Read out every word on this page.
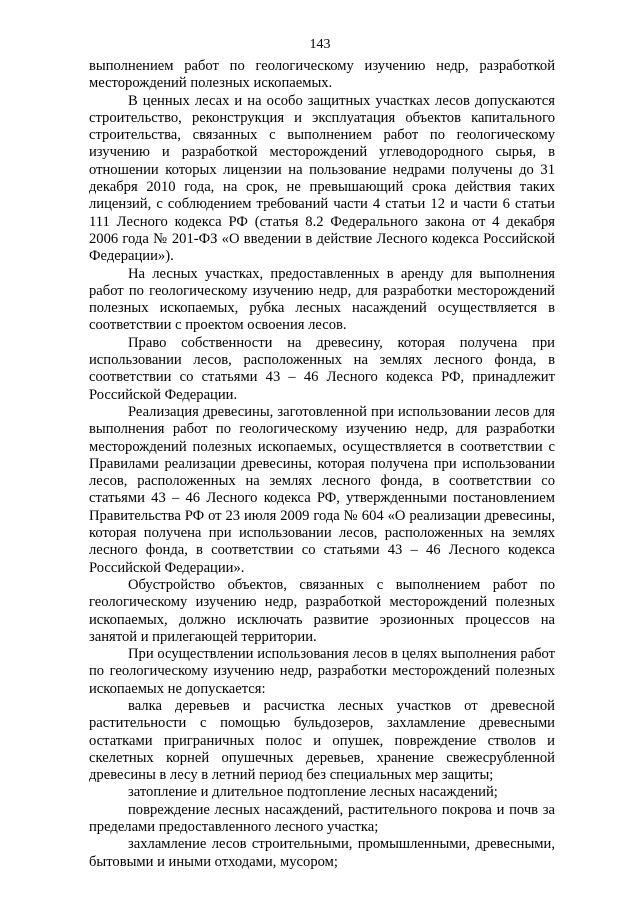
143

выполнением работ по геологическому изучению недр, разработкой месторождений полезных ископаемых.

В ценных лесах и на особо защитных участках лесов допускаются строительство, реконструкция и эксплуатация объектов капитального строительства, связанных с выполнением работ по геологическому изучению и разработкой месторождений углеводородного сырья, в отношении которых лицензии на пользование недрами получены до 31 декабря 2010 года, на срок, не превышающий срока действия таких лицензий, с соблюдением требований части 4 статьи 12 и части 6 статьи 111 Лесного кодекса РФ (статья 8.2 Федерального закона от 4 декабря 2006 года № 201-ФЗ «О введении в действие Лесного кодекса Российской Федерации»).

На лесных участках, предоставленных в аренду для выполнения работ по геологическому изучению недр, для разработки месторождений полезных ископаемых, рубка лесных насаждений осуществляется в соответствии с проектом освоения лесов.

Право собственности на древесину, которая получена при использовании лесов, расположенных на землях лесного фонда, в соответствии со статьями 43 – 46 Лесного кодекса РФ, принадлежит Российской Федерации.

Реализация древесины, заготовленной при использовании лесов для выполнения работ по геологическому изучению недр, для разработки месторождений полезных ископаемых, осуществляется в соответствии с Правилами реализации древесины, которая получена при использовании лесов, расположенных на землях лесного фонда, в соответствии со статьями 43 – 46 Лесного кодекса РФ, утвержденными постановлением Правительства РФ от 23 июля 2009 года № 604 «О реализации древесины, которая получена при использовании лесов, расположенных на землях лесного фонда, в соответствии со статьями 43 – 46 Лесного кодекса Российской Федерации».

Обустройство объектов, связанных с выполнением работ по геологическому изучению недр, разработкой месторождений полезных ископаемых, должно исключать развитие эрозионных процессов на занятой и прилегающей территории.

При осуществлении использования лесов в целях выполнения работ по геологическому изучению недр, разработки месторождений полезных ископаемых не допускается:

валка деревьев и расчистка лесных участков от древесной растительности с помощью бульдозеров, захламление древесными остатками приграничных полос и опушек, повреждение стволов и скелетных корней опушечных деревьев, хранение свежесрубленной древесины в лесу в летний период без специальных мер защиты;

затопление и длительное подтопление лесных насаждений;

повреждение лесных насаждений, растительного покрова и почв за пределами предоставленного лесного участка;

захламление лесов строительными, промышленными, древесными, бытовыми и иными отходами, мусором;
